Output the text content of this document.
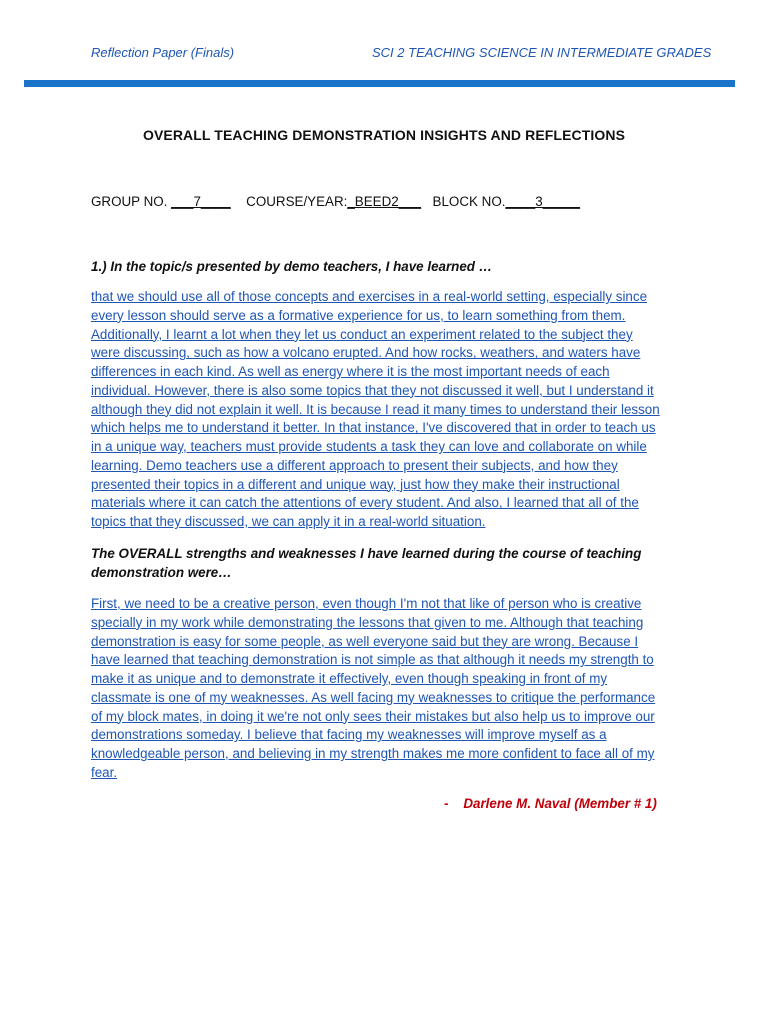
Reflection Paper (Finals)	SCI 2 TEACHING SCIENCE IN INTERMEDIATE GRADES
OVERALL TEACHING DEMONSTRATION INSIGHTS AND REFLECTIONS
GROUP NO. ___7____ COURSE/YEAR:_BEED2___ BLOCK NO.____3_____
1.) In the topic/s presented by demo teachers, I have learned …
that we should use all of those concepts and exercises in a real-world setting, especially since
every lesson should serve as a formative experience for us, to learn something from them.
Additionally, I learnt a lot when they let us conduct an experiment related to the subject they
were discussing, such as how a volcano erupted. And how rocks, weathers, and waters have
differences in each kind. As well as energy where it is the most important needs of each
individual. However, there is also some topics that they not discussed it well, but I understand it
although they did not explain it well. It is because I read it many times to understand their lesson
which helps me to understand it better. In that instance, I've discovered that in order to teach us
in a unique way, teachers must provide students a task they can love and collaborate on while
learning. Demo teachers use a different approach to present their subjects, and how they
presented their topics in a different and unique way, just how they make their instructional
materials where it can catch the attentions of every student. And also, I learned that all of the
topics that they discussed, we can apply it in a real-world situation.
The OVERALL strengths and weaknesses I have learned during the course of teaching
demonstration were…
First, we need to be a creative person, even though I'm not that like of person who is creative
specially in my work while demonstrating the lessons that given to me. Although that teaching
demonstration is easy for some people, as well everyone said but they are wrong. Because I
have learned that teaching demonstration is not simple as that although it needs my strength to
make it as unique and to demonstrate it effectively, even though speaking in front of my
classmate is one of my weaknesses. As well facing my weaknesses to critique the performance
of my block mates, in doing it we're not only sees their mistakes but also help us to improve our
demonstrations someday. I believe that facing my weaknesses will improve myself as a
knowledgeable person, and believing in my strength makes me more confident to face all of my
fear.
-    Darlene M. Naval (Member # 1)
